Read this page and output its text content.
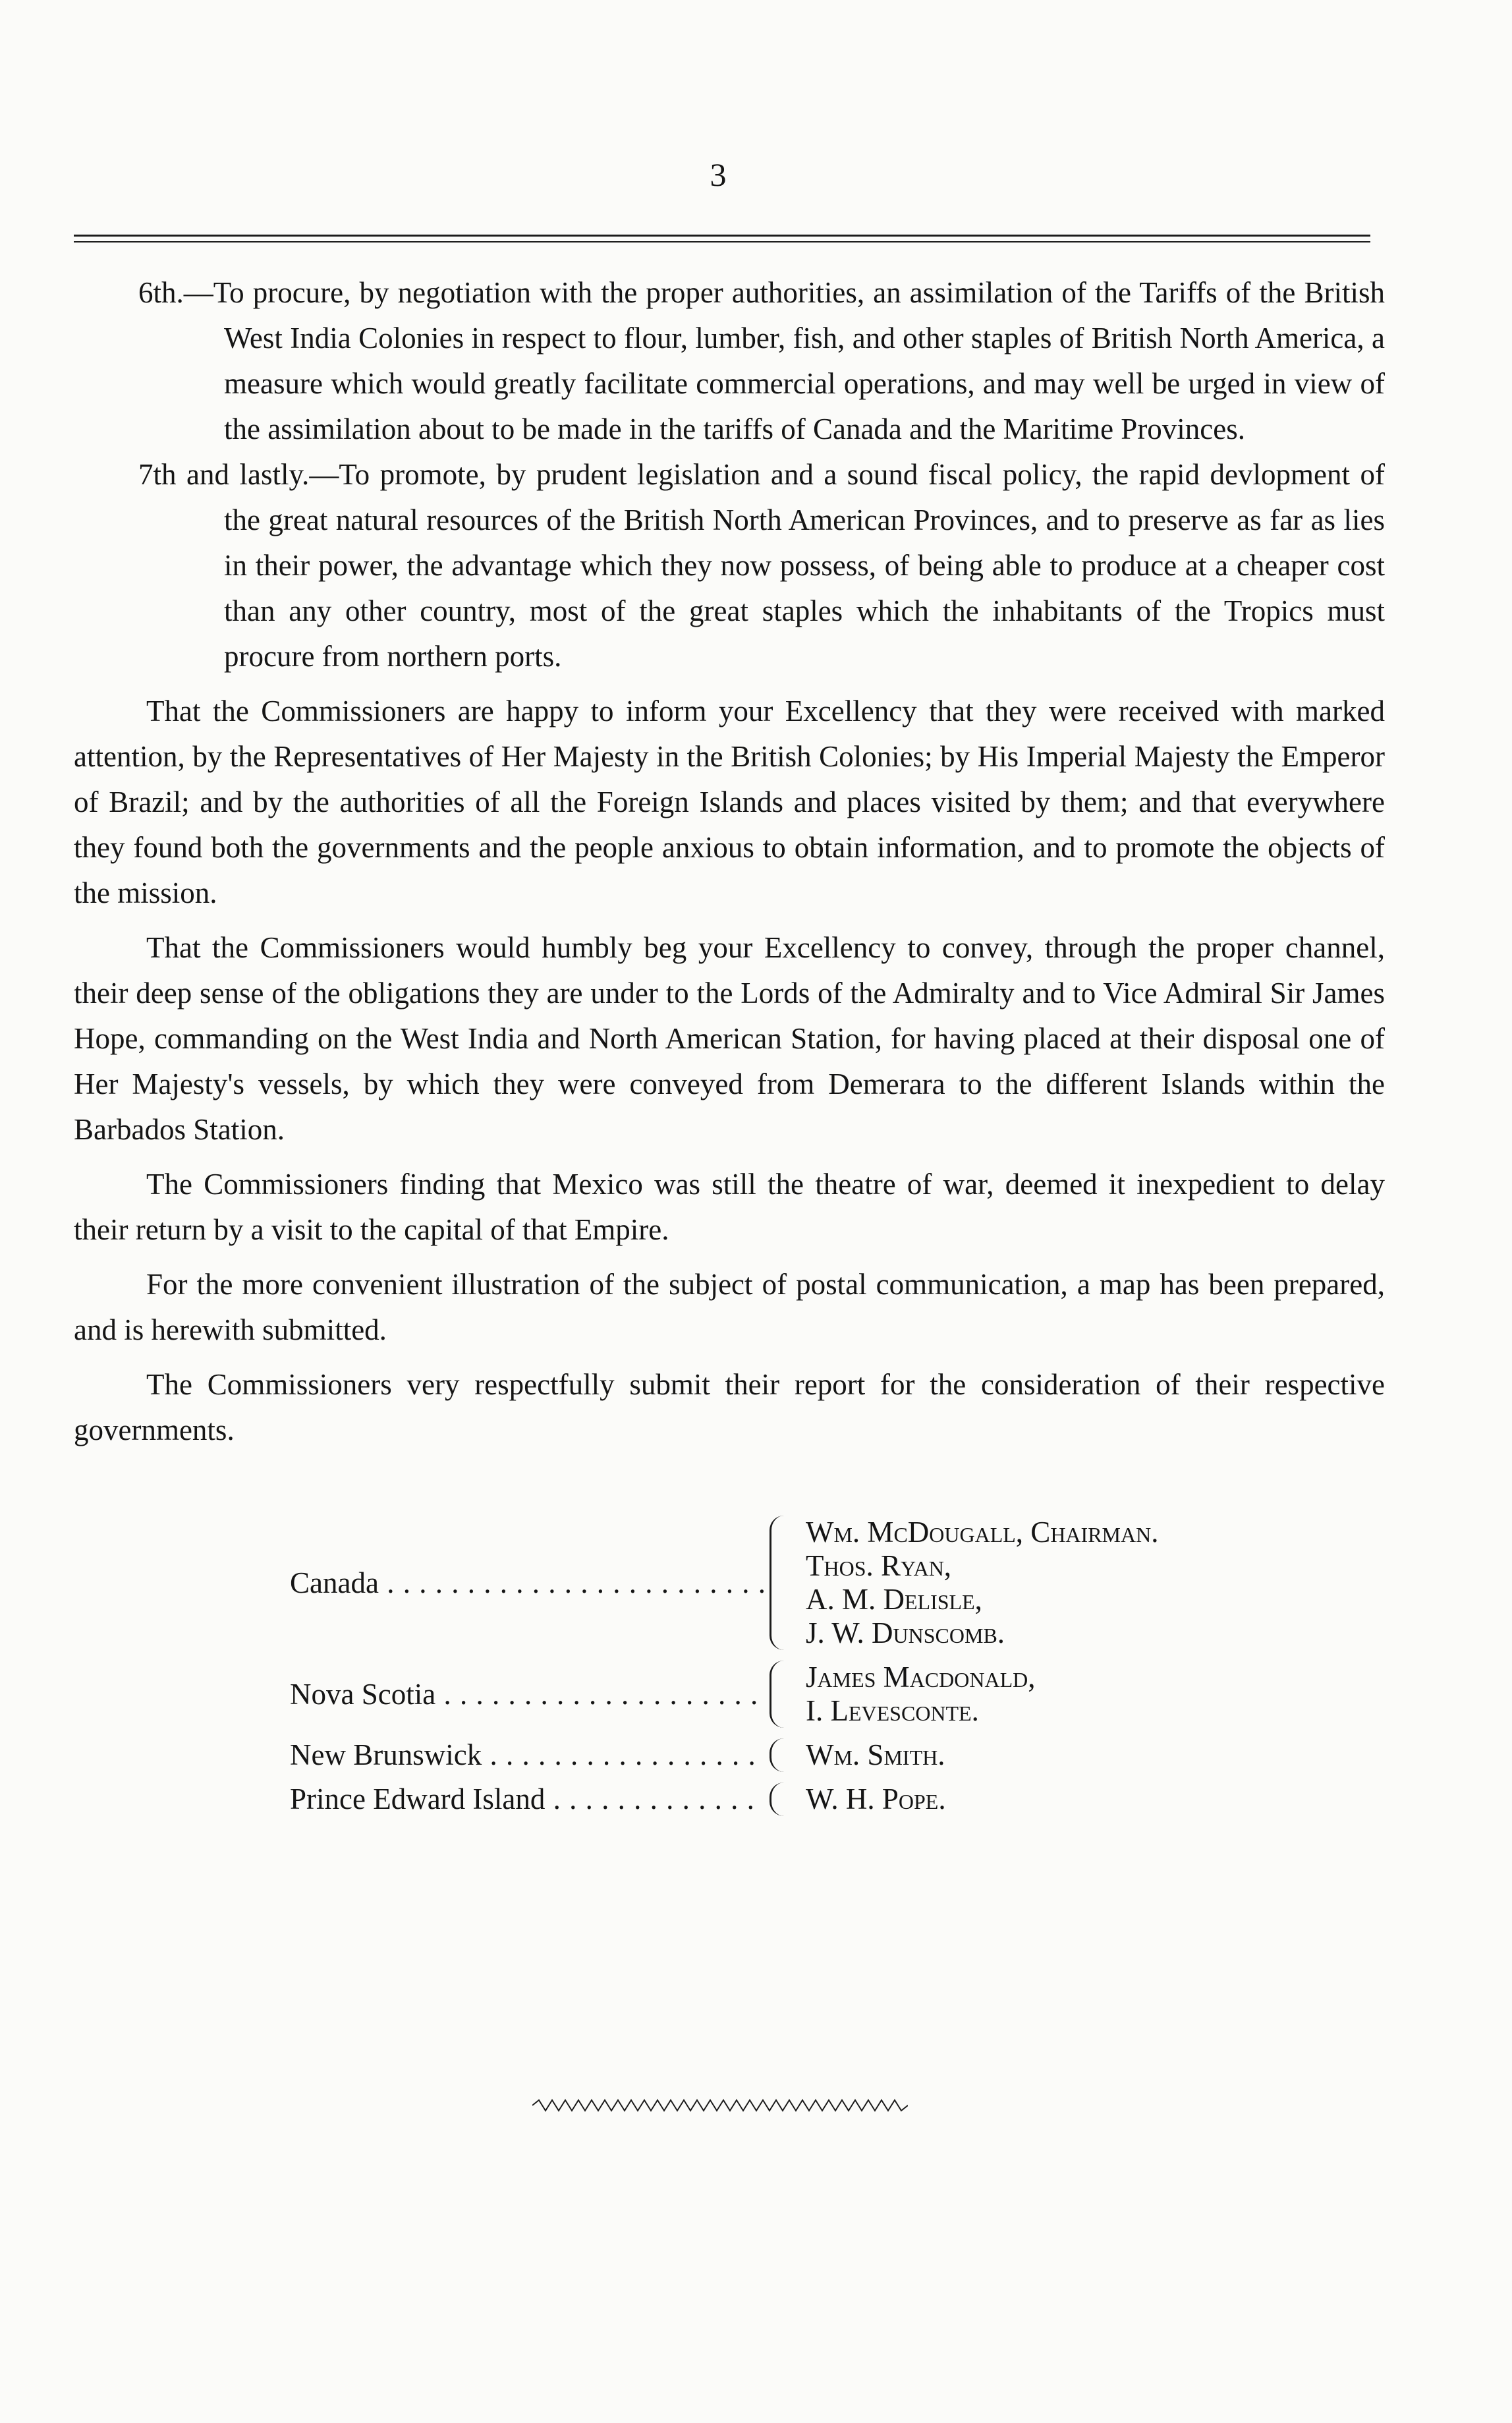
3

6th.—To procure, by negotiation with the proper authorities, an assimilation of the Tariffs of the British West India Colonies in respect to flour, lumber, fish, and other staples of British North America, a measure which would greatly facilitate commercial operations, and may well be urged in view of the assimilation about to be made in the tariffs of Canada and the Maritime Provinces.

7th and lastly.—To promote, by prudent legislation and a sound fiscal policy, the rapid devlopment of the great natural resources of the British North American Provinces, and to preserve as far as lies in their power, the advantage which they now possess, of being able to produce at a cheaper cost than any other country, most of the great staples which the inhabitants of the Tropics must procure from northern ports.

That the Commissioners are happy to inform your Excellency that they were received with marked attention, by the Representatives of Her Majesty in the British Colonies; by His Imperial Majesty the Emperor of Brazil; and by the authorities of all the Foreign Islands and places visited by them; and that everywhere they found both the governments and the people anxious to obtain information, and to promote the objects of the mission.

That the Commissioners would humbly beg your Excellency to convey, through the proper channel, their deep sense of the obligations they are under to the Lords of the Admiralty and to Vice Admiral Sir James Hope, commanding on the West India and North American Station, for having placed at their disposal one of Her Majesty's vessels, by which they were conveyed from Demerara to the different Islands within the Barbados Station.

The Commissioners finding that Mexico was still the theatre of war, deemed it inexpedient to delay their return by a visit to the capital of that Empire.

For the more convenient illustration of the subject of postal communication, a map has been prepared, and is herewith submitted.

The Commissioners very respectfully submit their report for the consideration of their respective governments.

Canada . . .
Wm. McDougall, Chairman.
Thos. Ryan,
A. M. Delisle,
J. W. Dunscomb.
Nova Scotia . . .
James Macdonald,
I. Levesconte.
New Brunswick . . .	Wm. Smith.
Prince Edward Island . . .	W. H. Pope.
